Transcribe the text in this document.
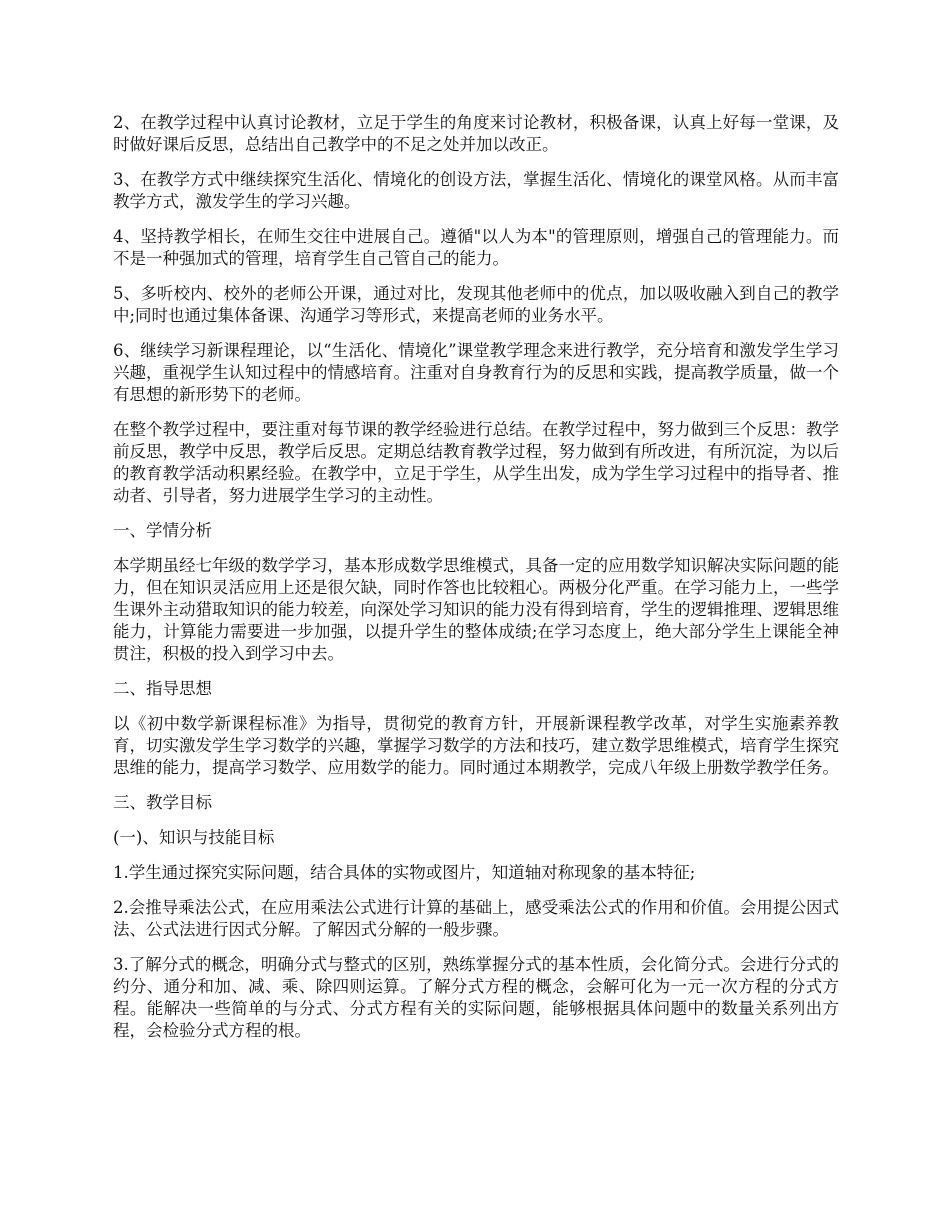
2、在教学过程中认真讨论教材，立足于学生的角度来讨论教材，积极备课，认真上好每一堂课，及时做好课后反思，总结出自己教学中的不足之处并加以改正。

3、在教学方式中继续探究生活化、情境化的创设方法，掌握生活化、情境化的课堂风格。从而丰富教学方式，激发学生的学习兴趣。

4、坚持教学相长，在师生交往中进展自己。遵循"以人为本"的管理原则，增强自己的管理能力。而不是一种强加式的管理，培育学生自己管自己的能力。

5、多听校内、校外的老师公开课，通过对比，发现其他老师中的优点，加以吸收融入到自己的教学中;同时也通过集体备课、沟通学习等形式，来提高老师的业务水平。

6、继续学习新课程理论，以“生活化、情境化”课堂教学理念来进行教学，充分培育和激发学生学习兴趣，重视学生认知过程中的情感培育。注重对自身教育行为的反思和实践，提高教学质量，做一个有思想的新形势下的老师。

在整个教学过程中，要注重对每节课的教学经验进行总结。在教学过程中，努力做到三个反思：教学前反思，教学中反思，教学后反思。定期总结教育教学过程，努力做到有所改进，有所沉淀，为以后的教育教学活动积累经验。在教学中，立足于学生，从学生出发，成为学生学习过程中的指导者、推动者、引导者，努力进展学生学习的主动性。

一、学情分析

本学期虽经七年级的数学学习，基本形成数学思维模式，具备一定的应用数学知识解决实际问题的能力，但在知识灵活应用上还是很欠缺，同时作答也比较粗心。两极分化严重。在学习能力上，一些学生课外主动猎取知识的能力较差，向深处学习知识的能力没有得到培育，学生的逻辑推理、逻辑思维能力，计算能力需要进一步加强，以提升学生的整体成绩;在学习态度上，绝大部分学生上课能全神贯注，积极的投入到学习中去。

二、指导思想

以《初中数学新课程标准》为指导，贯彻党的教育方针，开展新课程教学改革，对学生实施素养教育，切实激发学生学习数学的兴趣，掌握学习数学的方法和技巧，建立数学思维模式，培育学生探究思维的能力，提高学习数学、应用数学的能力。同时通过本期教学，完成八年级上册数学教学任务。

三、教学目标

(一)、知识与技能目标

1.学生通过探究实际问题，结合具体的实物或图片，知道轴对称现象的基本特征;

2.会推导乘法公式，在应用乘法公式进行计算的基础上，感受乘法公式的作用和价值。会用提公因式法、公式法进行因式分解。了解因式分解的一般步骤。

3.了解分式的概念，明确分式与整式的区别，熟练掌握分式的基本性质，会化简分式。会进行分式的约分、通分和加、减、乘、除四则运算。了解分式方程的概念，会解可化为一元一次方程的分式方程。能解决一些简单的与分式、分式方程有关的实际问题，能够根据具体问题中的数量关系列出方程，会检验分式方程的根。
